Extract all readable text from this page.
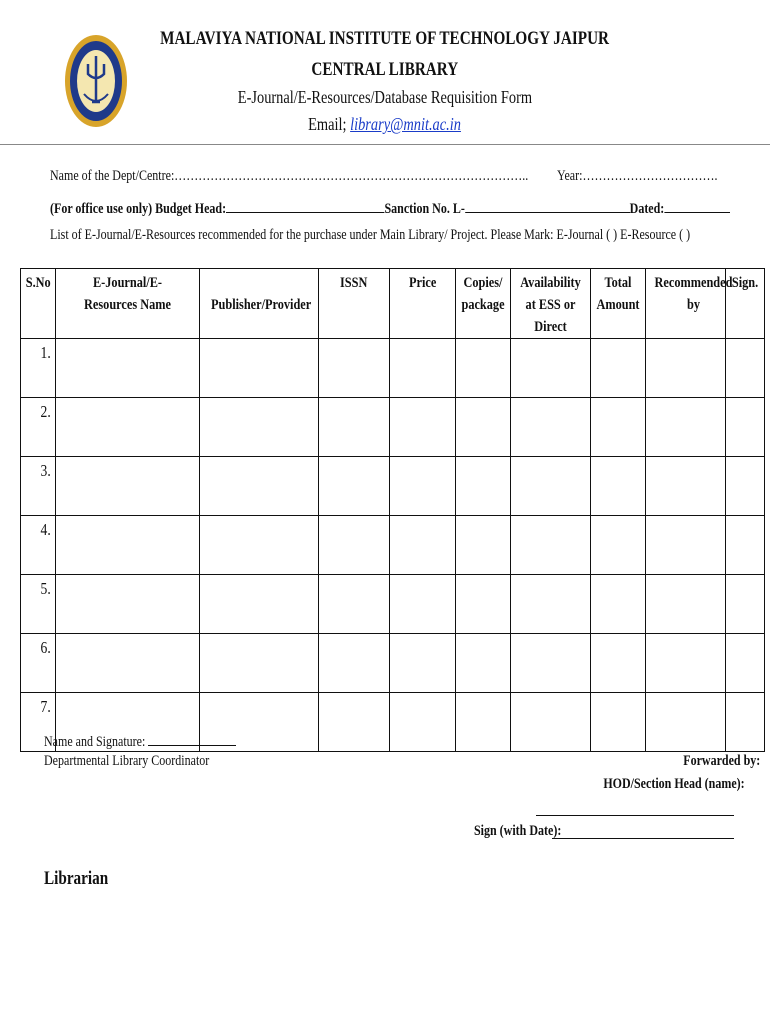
MALAVIYA NATIONAL INSTITUTE OF TECHNOLOGY JAIPUR
CENTRAL LIBRARY
E-Journal/E-Resources/Database Requisition Form
Email; library@mnit.ac.in
Name of the Dept/Centre:……………………………………………………………………………..	Year:…………………………….
(For office use only) Budget Head:	Sanction No. L-	Dated:
List of E-Journal/E-Resources recommended for the purchase under Main Library/ Project. Please Mark: E-Journal ( ) E-Resource ( )
S.No	E-Journal/E-Resources Name	Publisher/Provider	ISSN	Price	Copies/ package	Availability at ESS or Direct	Total Amount	Recommended by	Sign.
1.									
2.									
3.									
4.									
5.									
6.									
7.									
Name and Signature:
Departmental Library Coordinator	Forwarded by:
HOD/Section Head (name):
Sign (with Date):
Librarian
